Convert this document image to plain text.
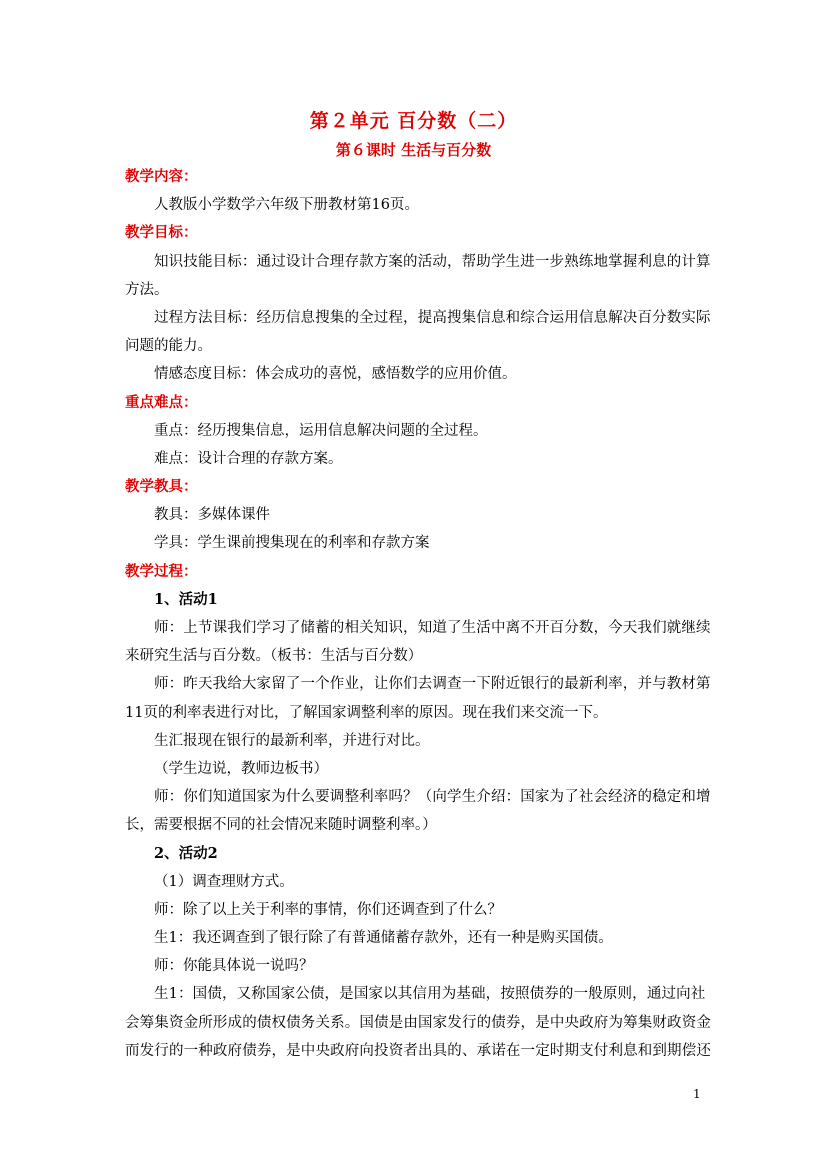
第２单元 百分数（二）
第６课时 生活与百分数
教学内容：
人教版小学数学六年级下册教材第16页。
教学目标：
知识技能目标：通过设计合理存款方案的活动，帮助学生进一步熟练地掌握利息的计算
方法。
过程方法目标：经历信息搜集的全过程，提高搜集信息和综合运用信息解决百分数实际
问题的能力。
情感态度目标：体会成功的喜悦，感悟数学的应用价值。
重点难点：
重点：经历搜集信息，运用信息解决问题的全过程。
难点：设计合理的存款方案。
教学教具：
教具：多媒体课件
学具：学生课前搜集现在的利率和存款方案
教学过程：
1、活动1
师：上节课我们学习了储蓄的相关知识，知道了生活中离不开百分数，今天我们就继续
来研究生活与百分数。（板书：生活与百分数）
师：昨天我给大家留了一个作业，让你们去调查一下附近银行的最新利率，并与教材第
11页的利率表进行对比，了解国家调整利率的原因。现在我们来交流一下。
生汇报现在银行的最新利率，并进行对比。
（学生边说，教师边板书）
师：你们知道国家为什么要调整利率吗？（向学生介绍：国家为了社会经济的稳定和增
长，需要根据不同的社会情况来随时调整利率。）
2、活动2
（1）调查理财方式。
师：除了以上关于利率的事情，你们还调查到了什么？
生1：我还调查到了银行除了有普通储蓄存款外，还有一种是购买国债。
师：你能具体说一说吗？
生1：国债，又称国家公债，是国家以其信用为基础，按照债券的一般原则，通过向社
会筹集资金所形成的债权债务关系。国债是由国家发行的债券，是中央政府为筹集财政资金
而发行的一种政府债券，是中央政府向投资者出具的、承诺在一定时期支付利息和到期偿还
1
